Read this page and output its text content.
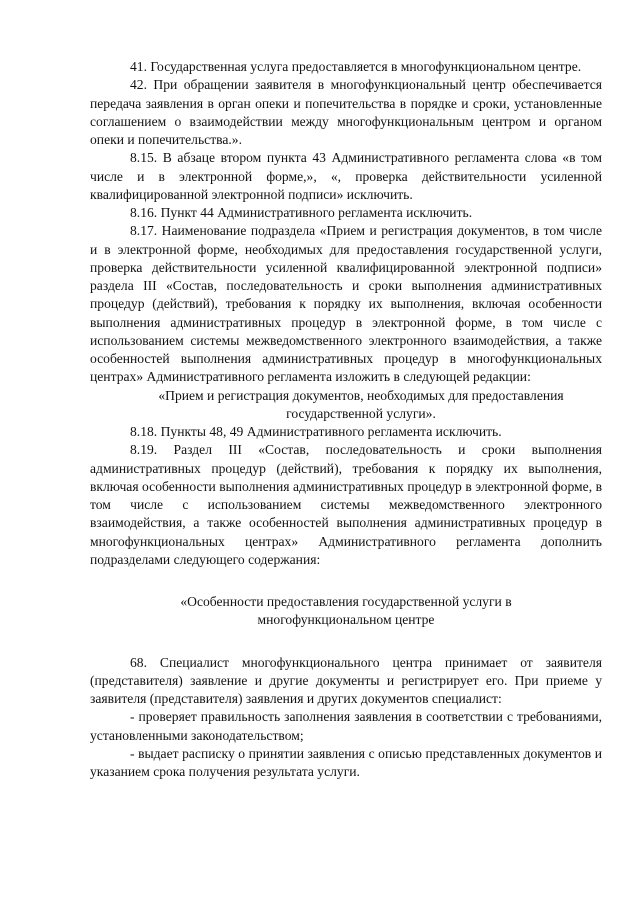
41. Государственная услуга предоставляется в многофункциональном центре.

42. При обращении заявителя в многофункциональный центр обеспечивается передача заявления в орган опеки и попечительства в порядке и сроки, установленные соглашением о взаимодействии между многофункциональным центром и органом опеки и попечительства.».

8.15. В абзаце втором пункта 43 Административного регламента слова «в том числе и в электронной форме,», «, проверка действительности усиленной квалифицированной электронной подписи» исключить.

8.16. Пункт 44 Административного регламента исключить.

8.17. Наименование подраздела «Прием и регистрация документов, в том числе и в электронной форме, необходимых для предоставления государственной услуги, проверка действительности усиленной квалифицированной электронной подписи» раздела III «Состав, последовательность и сроки выполнения административных процедур (действий), требования к порядку их выполнения, включая особенности выполнения административных процедур в электронной форме, в том числе с использованием системы межведомственного электронного взаимодействия, а также особенностей выполнения административных процедур в многофункциональных центрах» Административного регламента изложить в следующей редакции:

«Прием и регистрация документов, необходимых для предоставления государственной услуги».

8.18. Пункты 48, 49 Административного регламента исключить.

8.19. Раздел III «Состав, последовательность и сроки выполнения административных процедур (действий), требования к порядку их выполнения, включая особенности выполнения административных процедур в электронной форме, в том числе с использованием системы межведомственного электронного взаимодействия, а также особенностей выполнения административных процедур в многофункциональных центрах» Административного регламента дополнить подразделами следующего содержания:

«Особенности предоставления государственной услуги в многофункциональном центре

68. Специалист многофункционального центра принимает от заявителя (представителя) заявление и другие документы и регистрирует его. При приеме у заявителя (представителя) заявления и других документов специалист:

- проверяет правильность заполнения заявления в соответствии с требованиями, установленными законодательством;

- выдает расписку о принятии заявления с описью представленных документов и указанием срока получения результата услуги.
